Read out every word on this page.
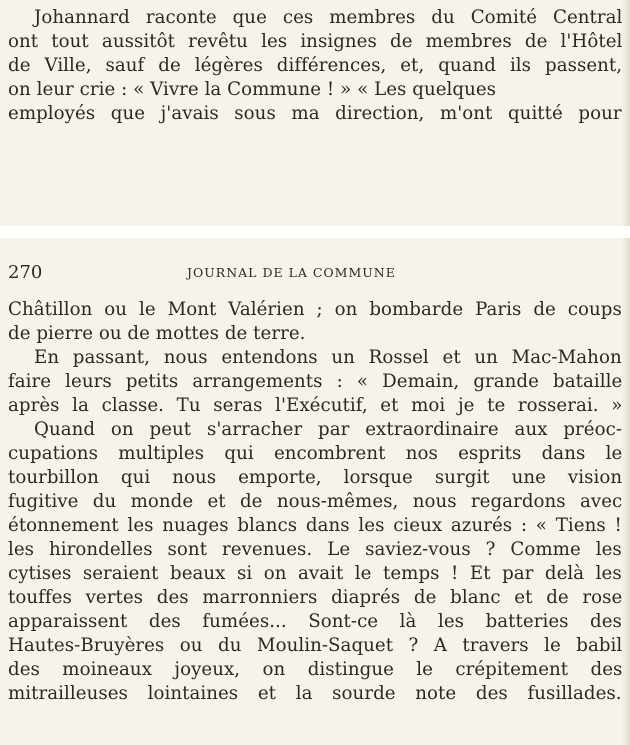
Johannard raconte que ces membres du Comité Central
ont tout aussitôt revêtu les insignes de membres de l'Hôtel
de Ville, sauf de légères différences, et, quand ils passent,
on leur crie : « Vivre la Commune ! » « Les quelques
employés que j'avais sous ma direction, m'ont quitté pour
270	JOURNAL DE LA COMMUNE
Châtillon ou le Mont Valérien ; on bombarde Paris de coups
de pierre ou de mottes de terre.
En passant, nous entendons un Rossel et un Mac-Mahon
faire leurs petits arrangements : « Demain, grande bataille
après la classe. Tu seras l'Exécutif, et moi je te rosserai. »
Quand on peut s'arracher par extraordinaire aux préoc-
cupations multiples qui encombrent nos esprits dans le
tourbillon qui nous emporte, lorsque surgit une vision
fugitive du monde et de nous-mêmes, nous regardons avec
étonnement les nuages blancs dans les cieux azurés : « Tiens !
les hirondelles sont revenues. Le saviez-vous ? Comme les
cytises seraient beaux si on avait le temps ! Et par delà les
touffes vertes des marronniers diaprés de blanc et de rose
apparaissent des fumées... Sont-ce là les batteries des
Hautes-Bruyères ou du Moulin-Saquet ? A travers le babil
des moineaux joyeux, on distingue le crépitement des
mitrailleuses lointaines et la sourde note des fusillades.
